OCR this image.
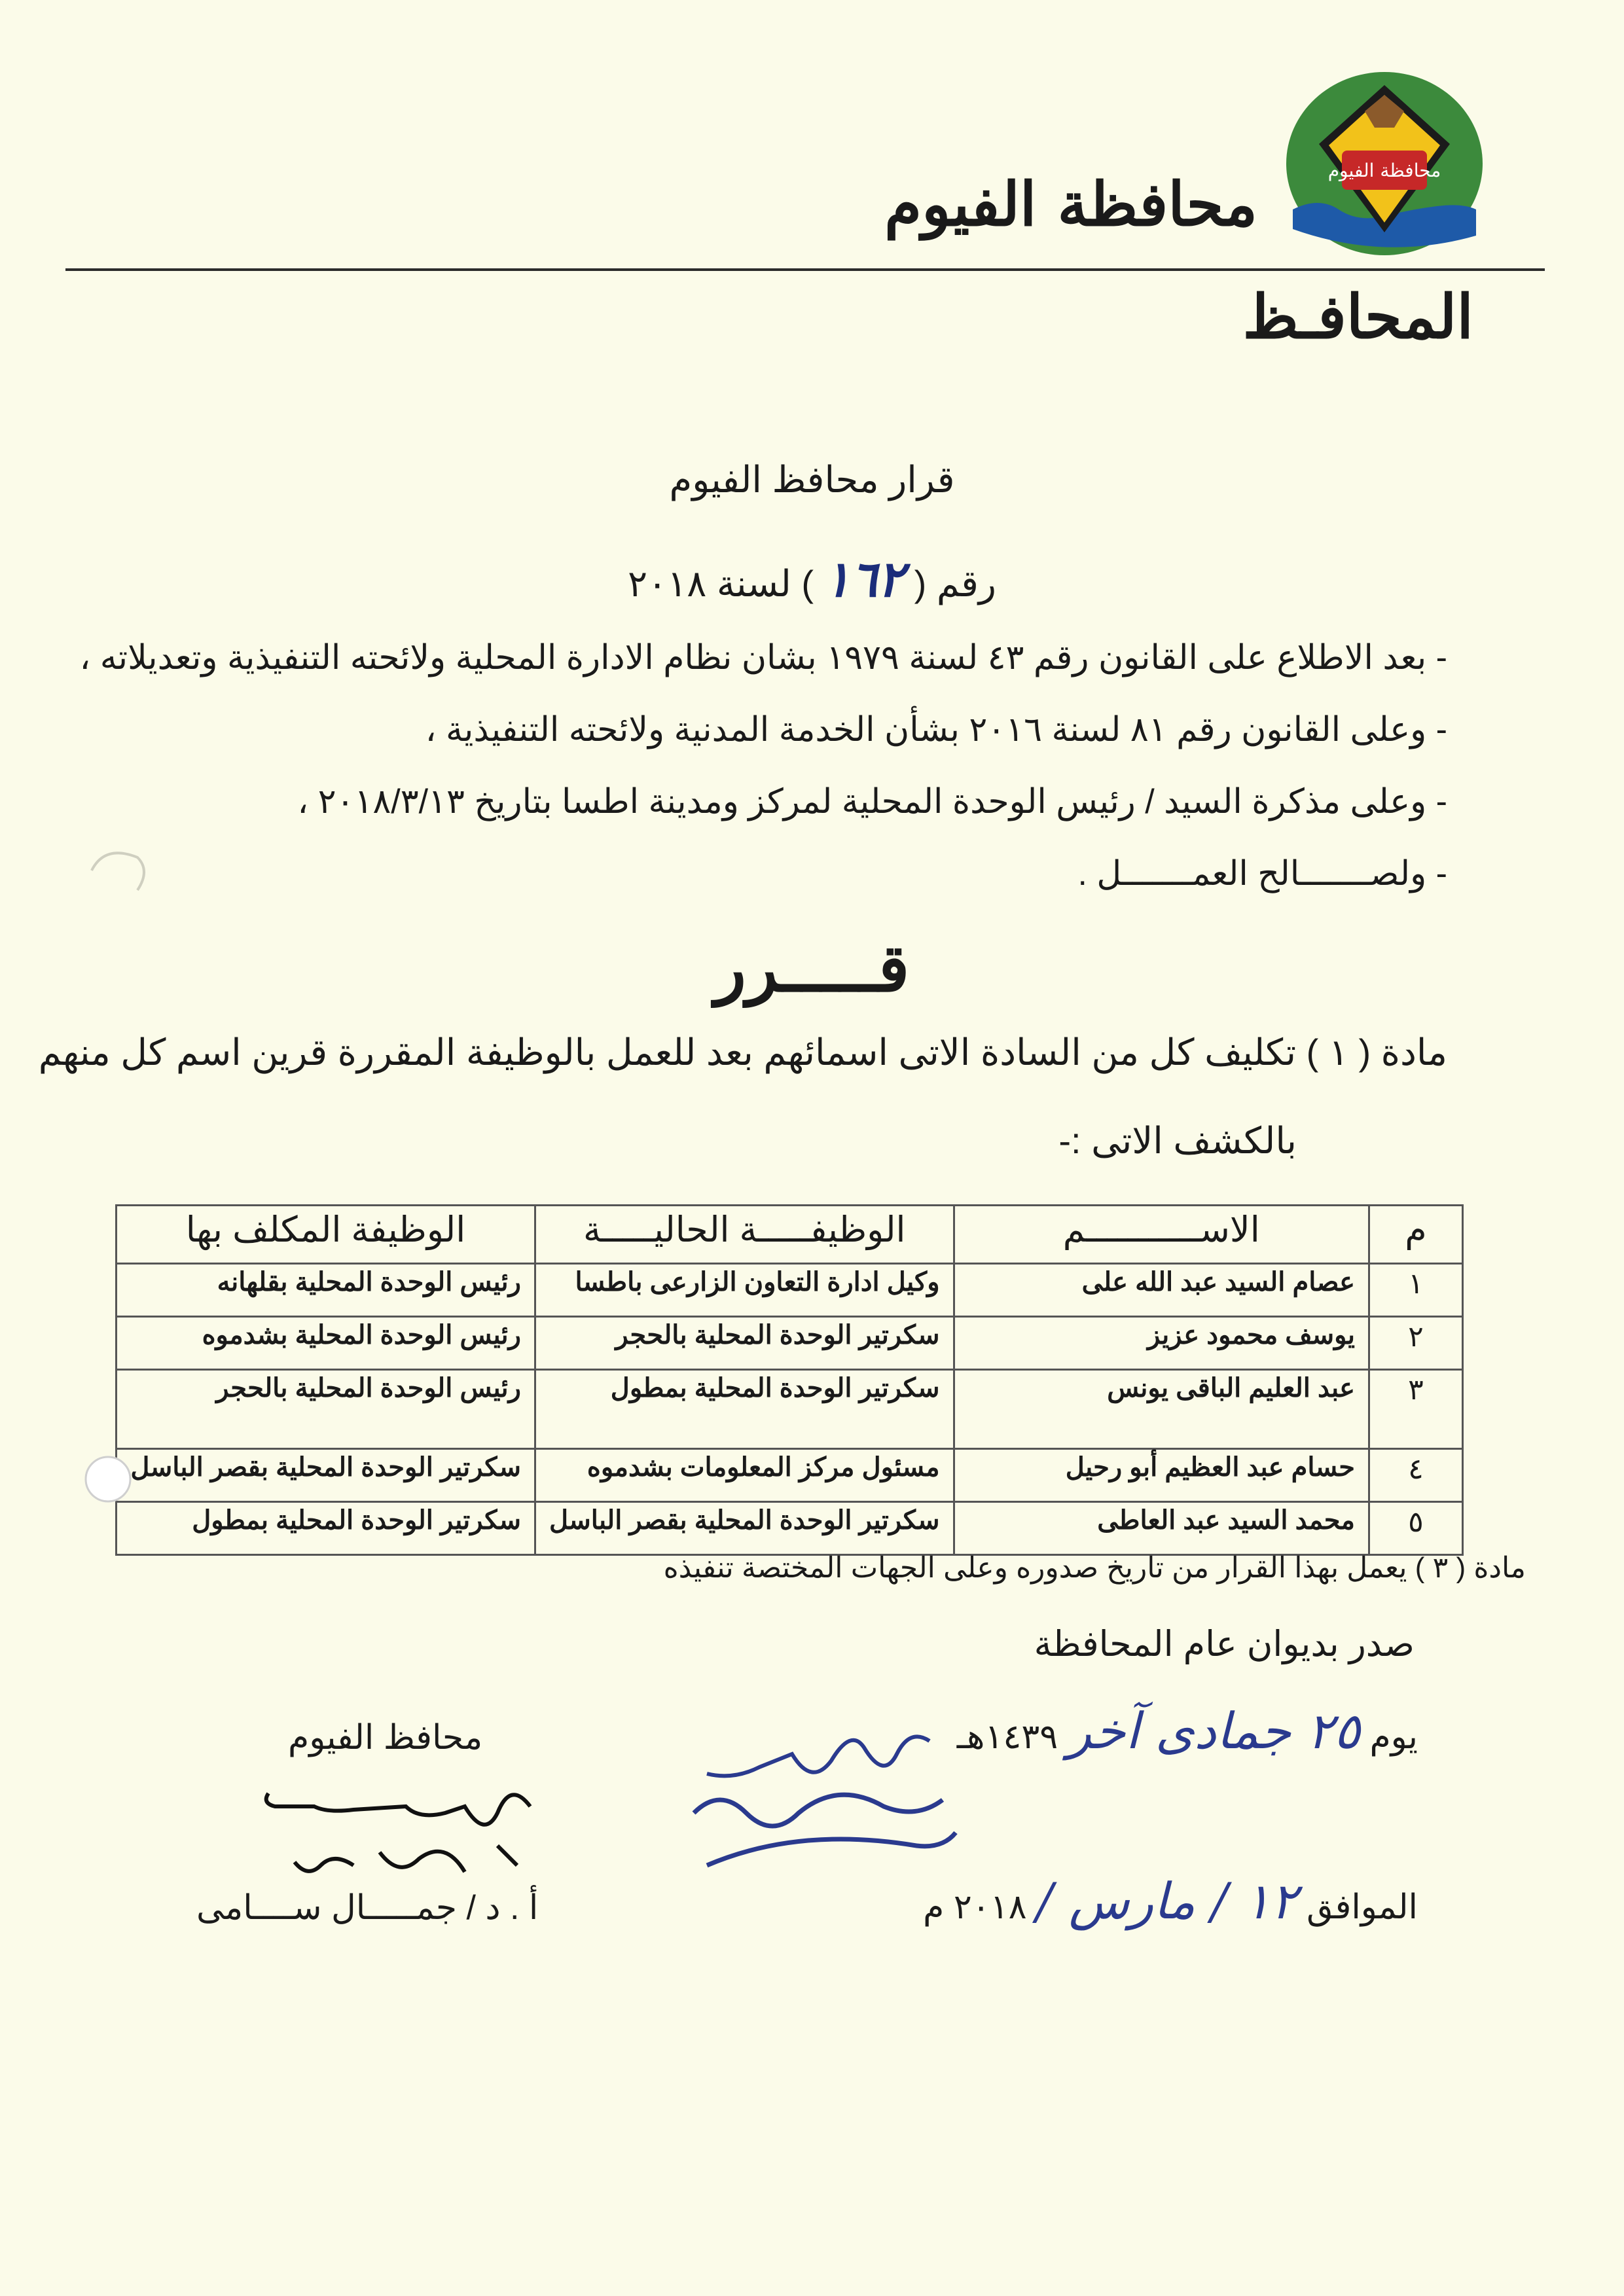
محافظة الفيوم
محافظة الفيوم
المحافـظ
قرار محافظ الفيوم
رقم ( ١٦٢ ) لسنة ٢٠١٨
- بعد الاطلاع على القانون رقم ٤٣ لسنة ١٩٧٩ بشان نظام الادارة المحلية ولائحته التنفيذية وتعديلاته ،
- وعلى القانون رقم ٨١ لسنة ٢٠١٦ بشأن الخدمة المدنية ولائحته التنفيذية ،
- وعلى مذكرة السيد / رئيس الوحدة المحلية لمركز ومدينة اطسا بتاريخ ٢٠١٨/٣/١٣ ،
- ولصـــــــالح العمـــــــل .
قـــــرر
مادة ( ١ ) تكليف كل من السادة الاتى اسمائهم بعد للعمل بالوظيفة المقررة قرين اسم كل منهم
بالكشف الاتى :-
م	الاســـــــــــم	الوظيفـــــة الحاليـــــة	الوظيفة المكلف بها
١	عصام السيد عبد الله على	وكيل ادارة التعاون الزارعى باطسا	رئيس الوحدة المحلية بقلهانه
٢	يوسف محمود عزيز	سكرتير الوحدة المحلية بالحجر	رئيس الوحدة المحلية بشدموه
٣	عبد العليم الباقى يونس	سكرتير الوحدة المحلية بمطول	رئيس الوحدة المحلية بالحجر
٤	حسام عبد العظيم أبو رحيل	مسئول مركز المعلومات بشدموه	سكرتير الوحدة المحلية بقصر الباسل
٥	محمد السيد عبد العاطى	سكرتير الوحدة المحلية بقصر الباسل	سكرتير الوحدة المحلية بمطول
مادة ( ٣ ) يعمل بهذا القرار من تاريخ صدوره وعلى الجهات المختصة تنفيذه
صدر بديوان عام المحافظة
يوم ٢٥ جمادى آخر ١٤٣٩هـ
الموافق ١٢ / مارس / ٢٠١٨ م
محافظ الفيوم
أ . د / جمـــــال ســــامى
